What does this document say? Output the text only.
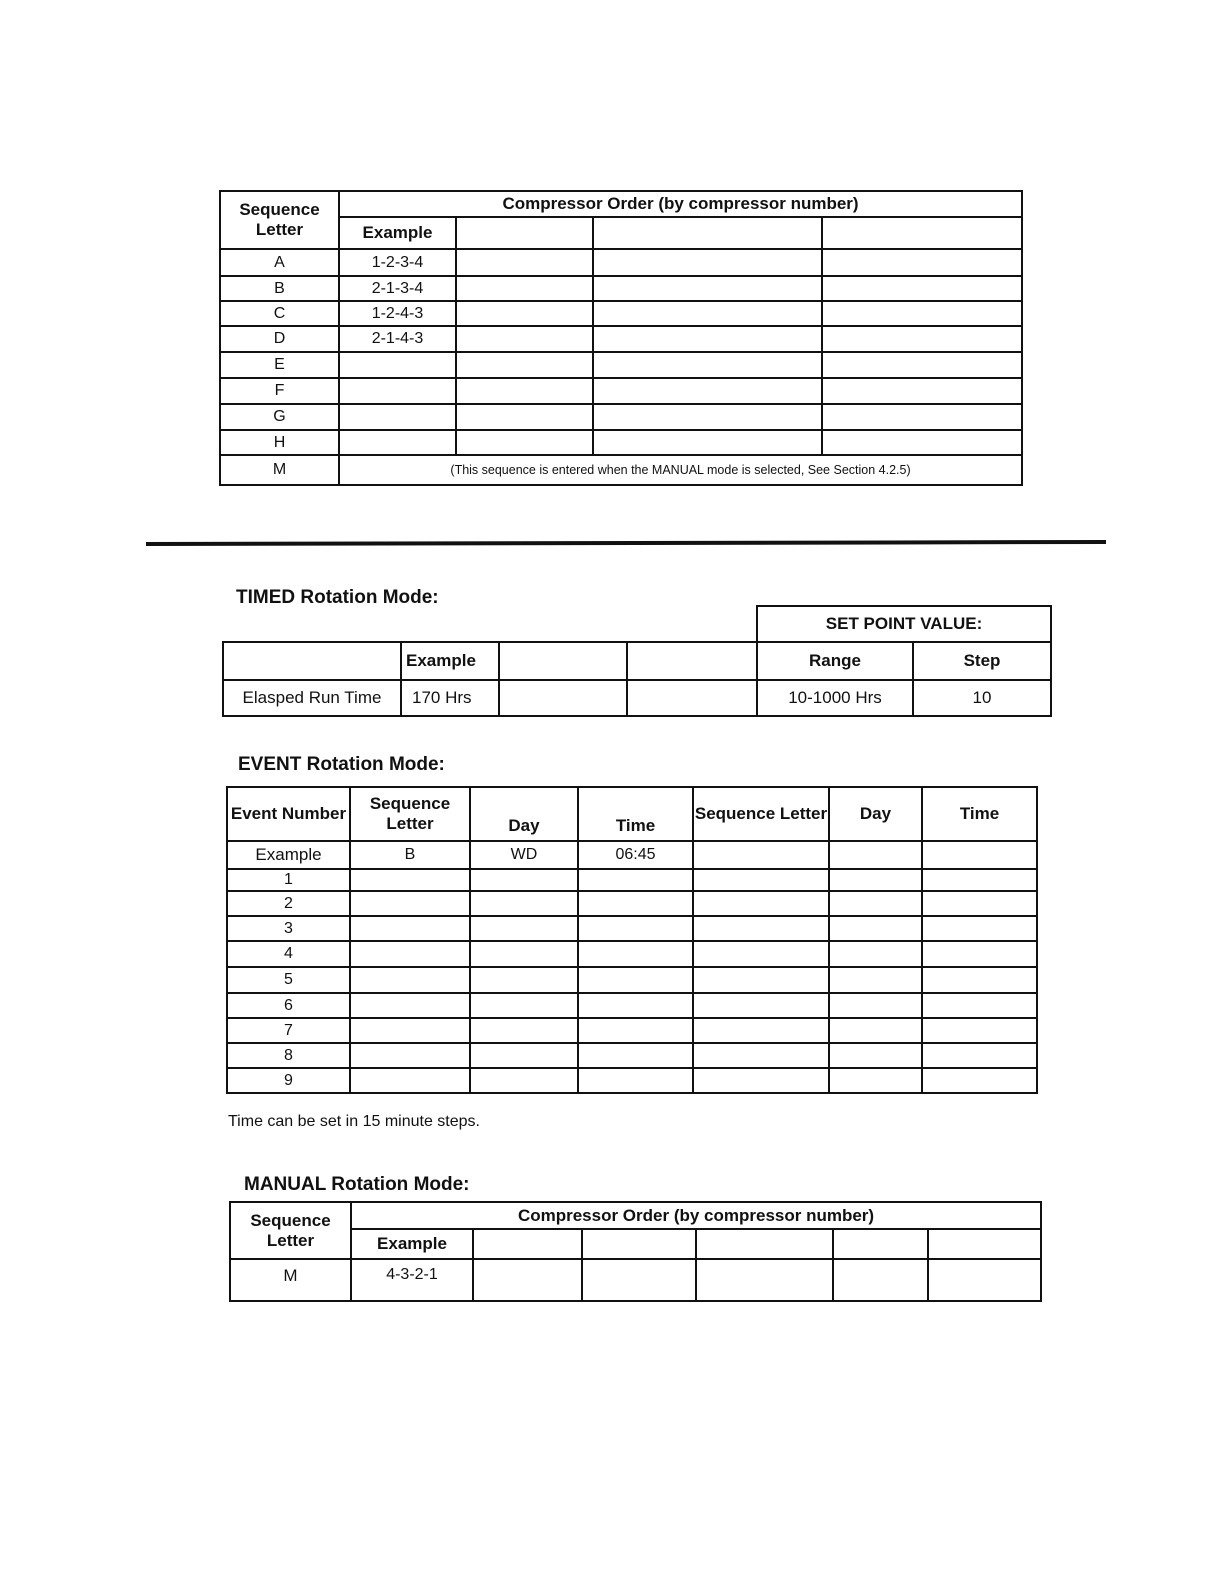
Sequence Letter	Compressor Order (by compressor number)			
	Example			
A	1-2-3-4			
B	2-1-3-4			
C	1-2-4-3			
D	2-1-4-3			
E				
F				
G				
H				
M	(This sequence is entered when the MANUAL mode is selected, See Section 4.2.5)			
TIMED Rotation Mode:
				SET POINT VALUE:	
	Example			Range	Step
Elasped Run Time	170 Hrs			10-1000 Hrs	10
EVENT Rotation Mode:
Event Number	Sequence Letter	Day	Time	Sequence Letter	Day	Time
Example	B	WD	06:45			
1						
2						
3						
4						
5						
6						
7						
8						
9						
Time can be set in 15 minute steps.
MANUAL Rotation Mode:
Sequence Letter	Compressor Order (by compressor number)					
	Example					
M	4-3-2-1					
